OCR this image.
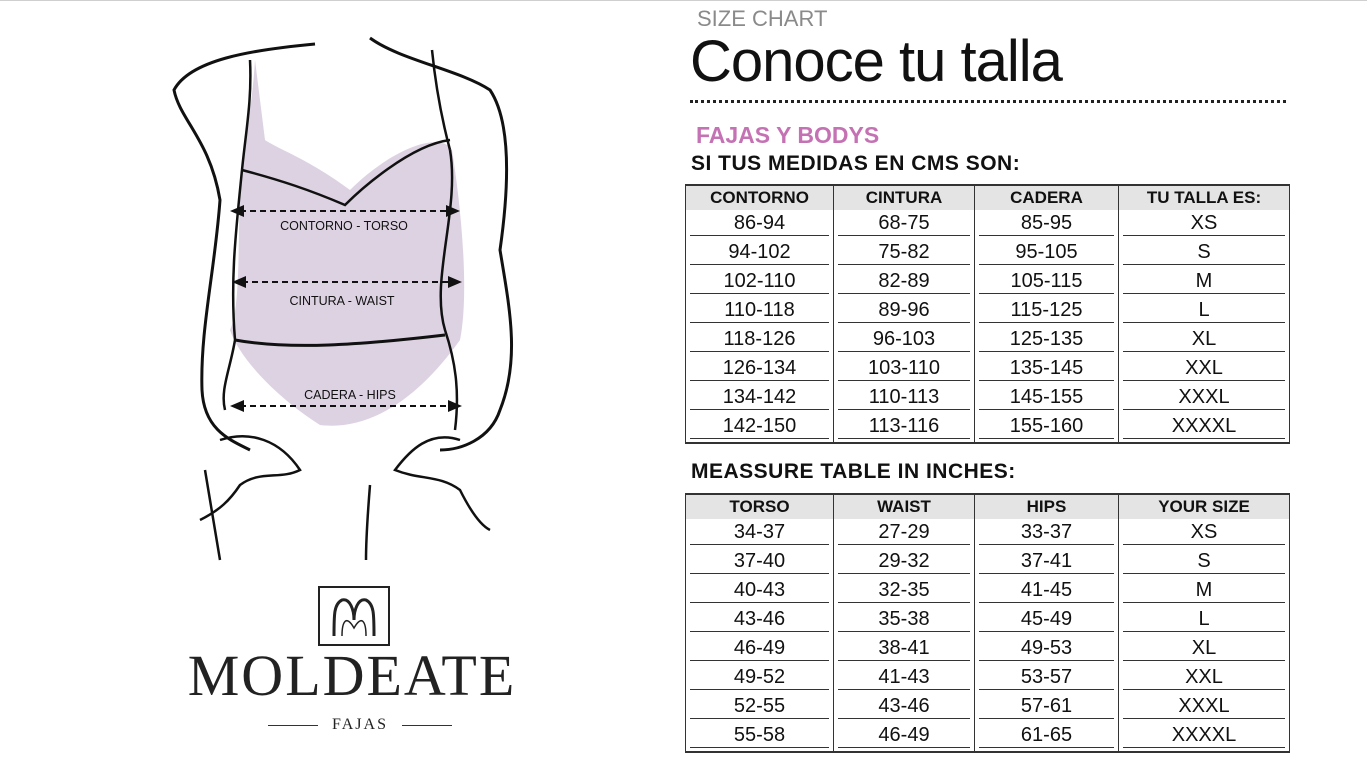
CONTORNO - TORSO
CINTURA - WAIST
CADERA - HIPS
MOLDEATE
FAJAS
SIZE CHART
Conoce tu talla
FAJAS Y BODYS
SI TUS MEDIDAS EN CMS SON:
CONTORNO	CINTURA	CADERA	TU TALLA ES:

86-94	68-75	85-95	XS

94-102	75-82	95-105	S

102-110	82-89	105-115	M

110-118	89-96	115-125	L

118-126	96-103	125-135	XL

126-134	103-110	135-145	XXL

134-142	110-113	145-155	XXXL

142-150	113-116	155-160	XXXXL
MEASSURE TABLE IN INCHES:
TORSO	WAIST	HIPS	YOUR SIZE

34-37	27-29	33-37	XS

37-40	29-32	37-41	S

40-43	32-35	41-45	M

43-46	35-38	45-49	L

46-49	38-41	49-53	XL

49-52	41-43	53-57	XXL

52-55	43-46	57-61	XXXL

55-58	46-49	61-65	XXXXL
